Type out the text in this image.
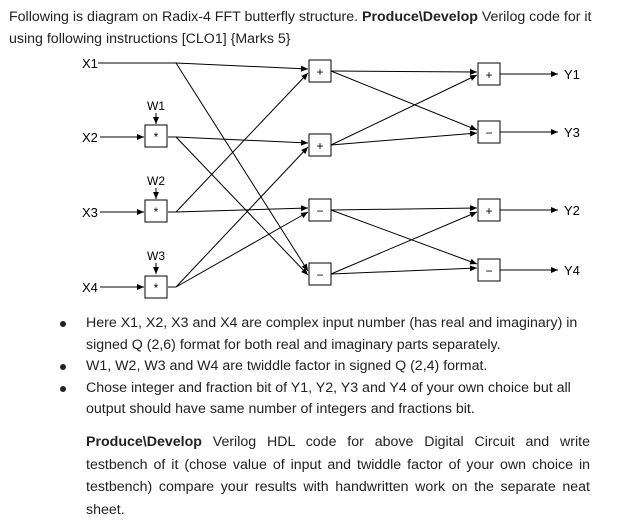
Following is diagram on Radix-4 FFT butterfly structure. Produce\Develop Verilog code for it using following instructions [CLO1] {Marks 5}
X1
X2
X3
X4
W1
W2
W3
*
*
*
+
+
−
−
+
−
+
−
Y1
Y3
Y2
Y4
Here X1, X2, X3 and X4 are complex input number (has real and imaginary) in signed Q (2,6) format for both real and imaginary parts separately.
W1, W2, W3 and W4 are twiddle factor in signed Q (2,4) format.
Chose integer and fraction bit of Y1, Y2, Y3 and Y4 of your own choice but all output should have same number of integers and fractions bit.
Produce\Develop Verilog HDL code for above Digital Circuit and write testbench of it (chose value of input and twiddle factor of your own choice in testbench) compare your results with handwritten work on the separate neat sheet.
